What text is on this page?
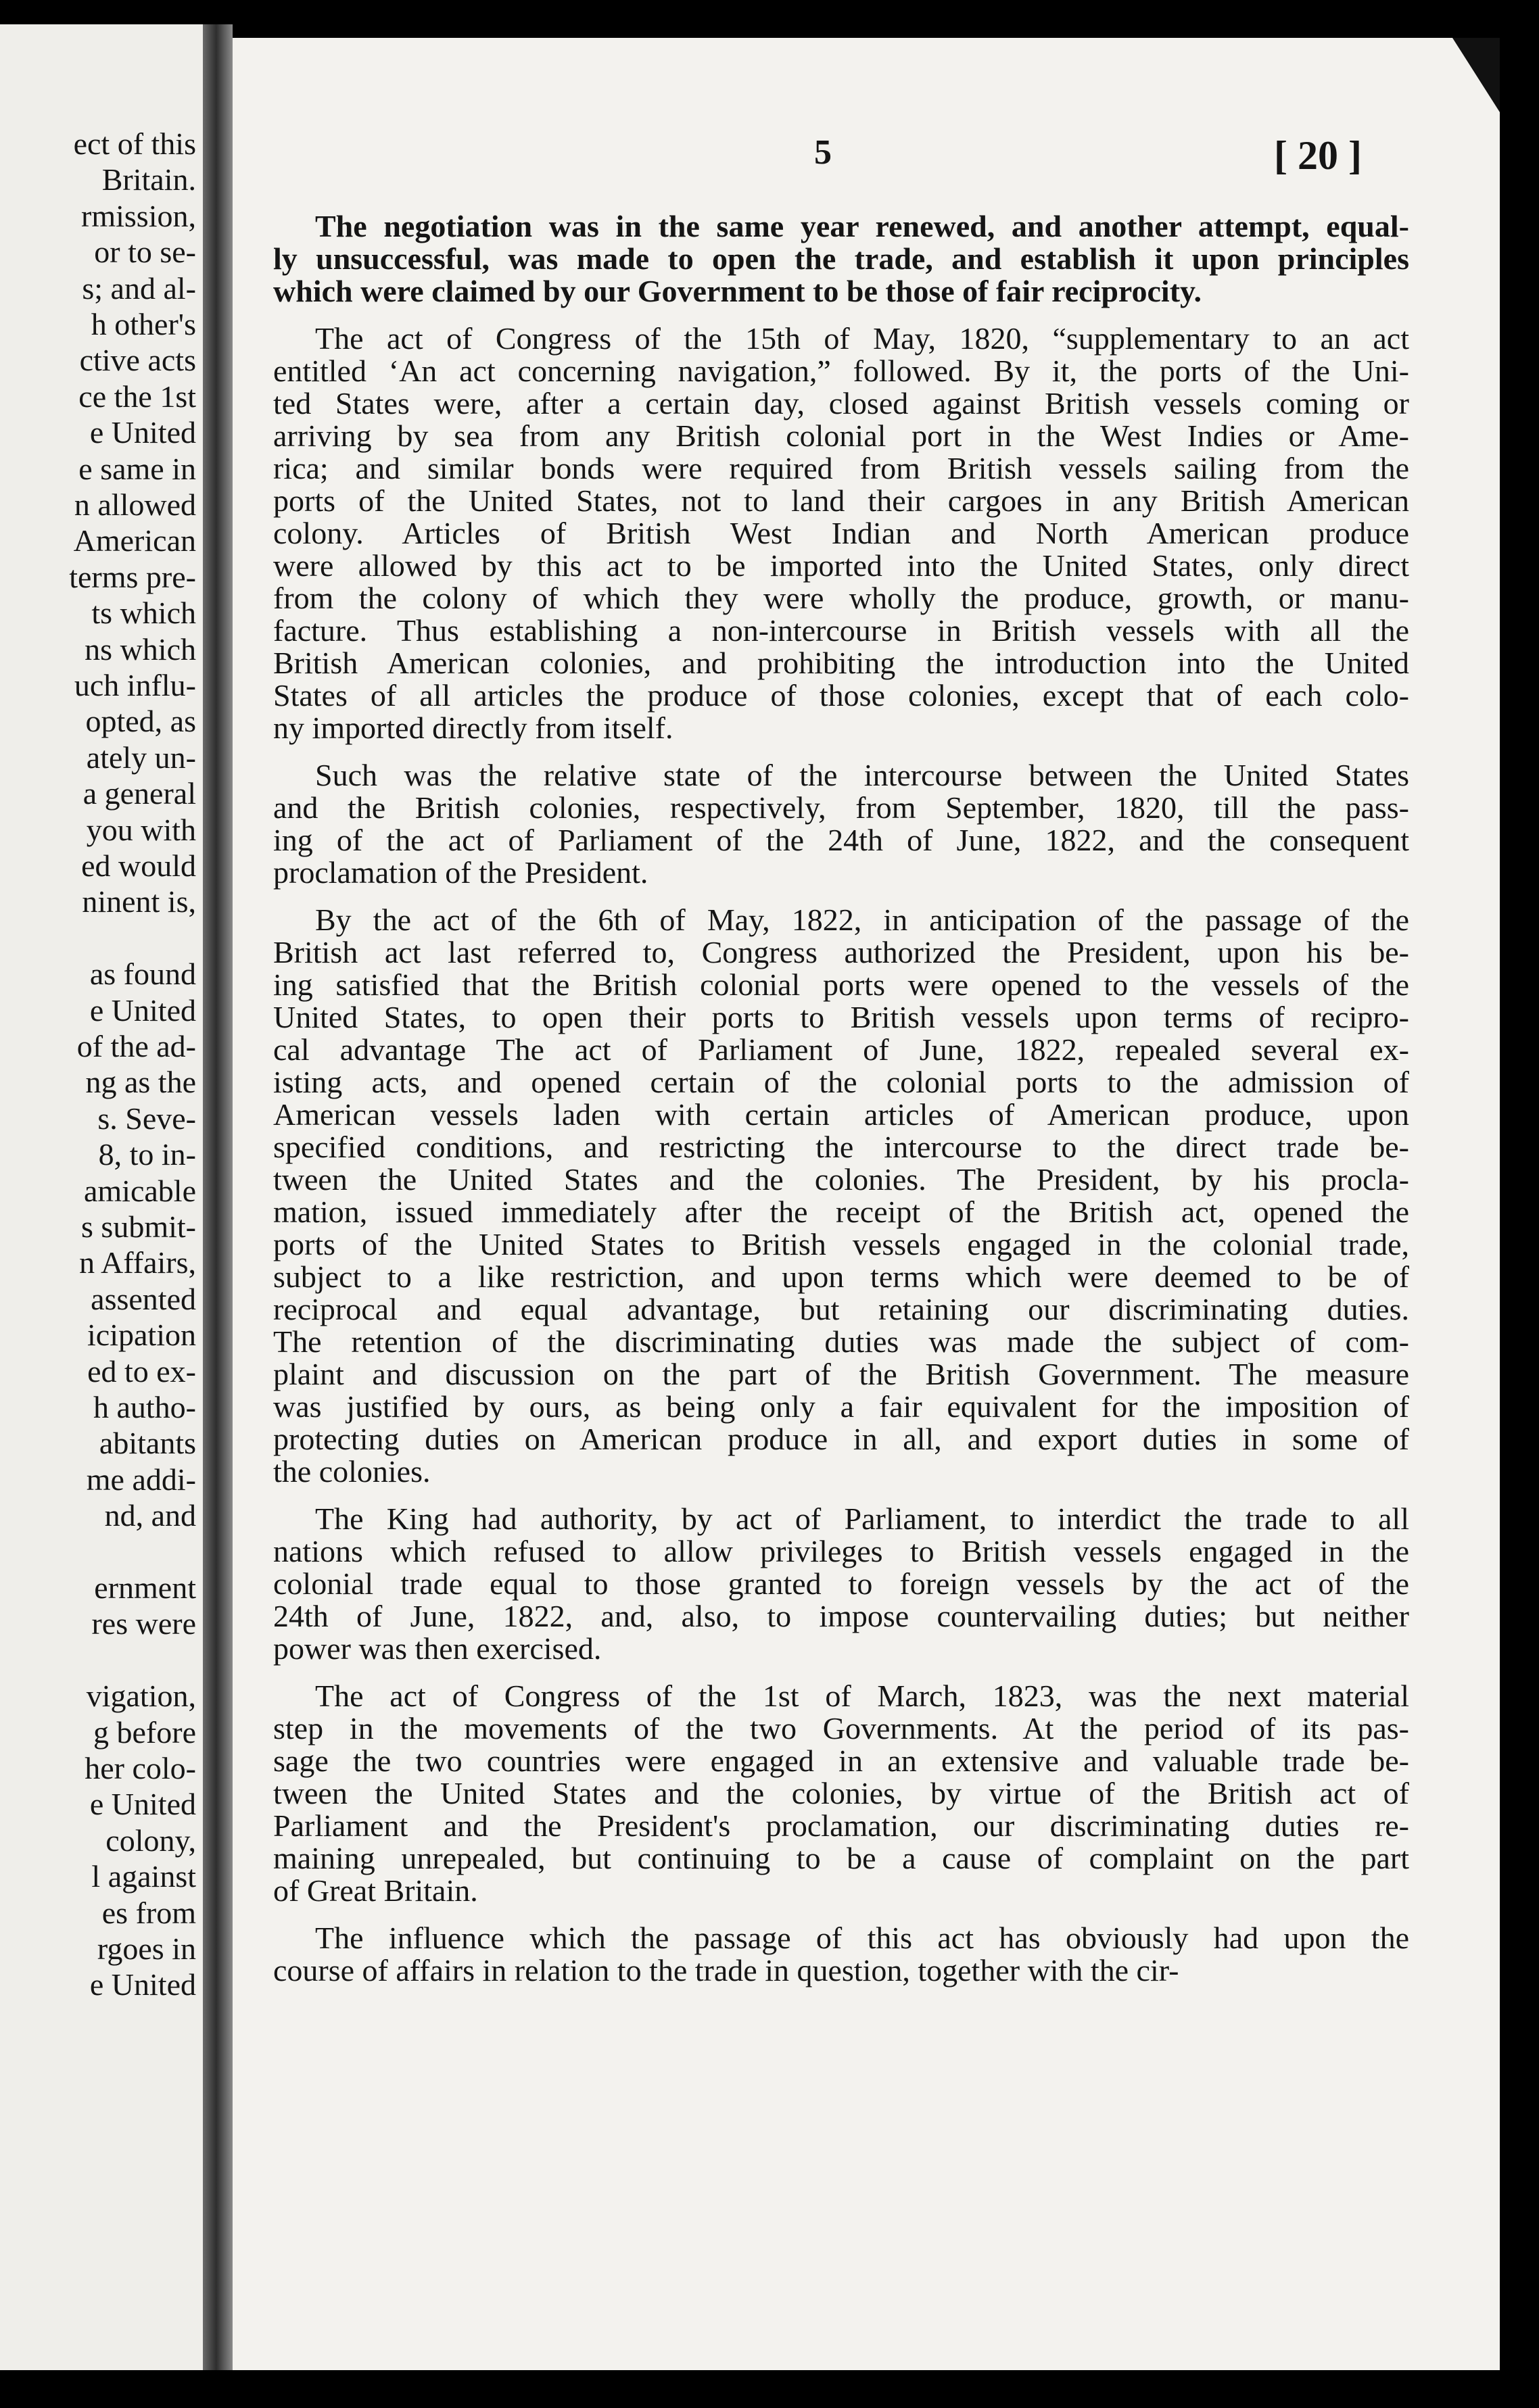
ect of this
Britain.
rmission,
or to se-
s; and al-
h other's
ctive acts
ce the 1st
e United
e same in
n allowed
American
terms pre-
ts which
ns which
uch influ-
opted, as
ately un-
a general
you with
ed would
ninent is,
as found
e United
of the ad-
ng as the
s. Seve-
8, to in-
amicable
s submit-
n Affairs,
assented
icipation
ed to ex-
h autho-
abitants
me addi-
nd, and
ernment
res were
vigation,
g before
her colo-
e United
colony,
l against
es from
rgoes in
e United
5	[ 20 ]
The negotiation was in the same year renewed, and another attempt, equal-
ly unsuccessful, was made to open the trade, and establish it upon principles
which were claimed by our Government to be those of fair reciprocity.
The act of Congress of the 15th of May, 1820, “supplementary to an act
entitled ‘An act concerning navigation,” followed. By it, the ports of the Uni-
ted States were, after a certain day, closed against British vessels coming or
arriving by sea from any British colonial port in the West Indies or Ame-
rica; and similar bonds were required from British vessels sailing from the
ports of the United States, not to land their cargoes in any British American
colony. Articles of British West Indian and North American produce
were allowed by this act to be imported into the United States, only direct
from the colony of which they were wholly the produce, growth, or manu-
facture. Thus establishing a non-intercourse in British vessels with all the
British American colonies, and prohibiting the introduction into the United
States of all articles the produce of those colonies, except that of each colo-
ny imported directly from itself.
Such was the relative state of the intercourse between the United States
and the British colonies, respectively, from September, 1820, till the pass-
ing of the act of Parliament of the 24th of June, 1822, and the consequent
proclamation of the President.
By the act of the 6th of May, 1822, in anticipation of the passage of the
British act last referred to, Congress authorized the President, upon his be-
ing satisfied that the British colonial ports were opened to the vessels of the
United States, to open their ports to British vessels upon terms of recipro-
cal advantage The act of Parliament of June, 1822, repealed several ex-
isting acts, and opened certain of the colonial ports to the admission of
American vessels laden with certain articles of American produce, upon
specified conditions, and restricting the intercourse to the direct trade be-
tween the United States and the colonies. The President, by his procla-
mation, issued immediately after the receipt of the British act, opened the
ports of the United States to British vessels engaged in the colonial trade,
subject to a like restriction, and upon terms which were deemed to be of
reciprocal and equal advantage, but retaining our discriminating duties.
The retention of the discriminating duties was made the subject of com-
plaint and discussion on the part of the British Government. The measure
was justified by ours, as being only a fair equivalent for the imposition of
protecting duties on American produce in all, and export duties in some of
the colonies.
The King had authority, by act of Parliament, to interdict the trade to all
nations which refused to allow privileges to British vessels engaged in the
colonial trade equal to those granted to foreign vessels by the act of the
24th of June, 1822, and, also, to impose countervailing duties; but neither
power was then exercised.
The act of Congress of the 1st of March, 1823, was the next material
step in the movements of the two Governments. At the period of its pas-
sage the two countries were engaged in an extensive and valuable trade be-
tween the United States and the colonies, by virtue of the British act of
Parliament and the President's proclamation, our discriminating duties re-
maining unrepealed, but continuing to be a cause of complaint on the part
of Great Britain.
The influence which the passage of this act has obviously had upon the
course of affairs in relation to the trade in question, together with the cir-
